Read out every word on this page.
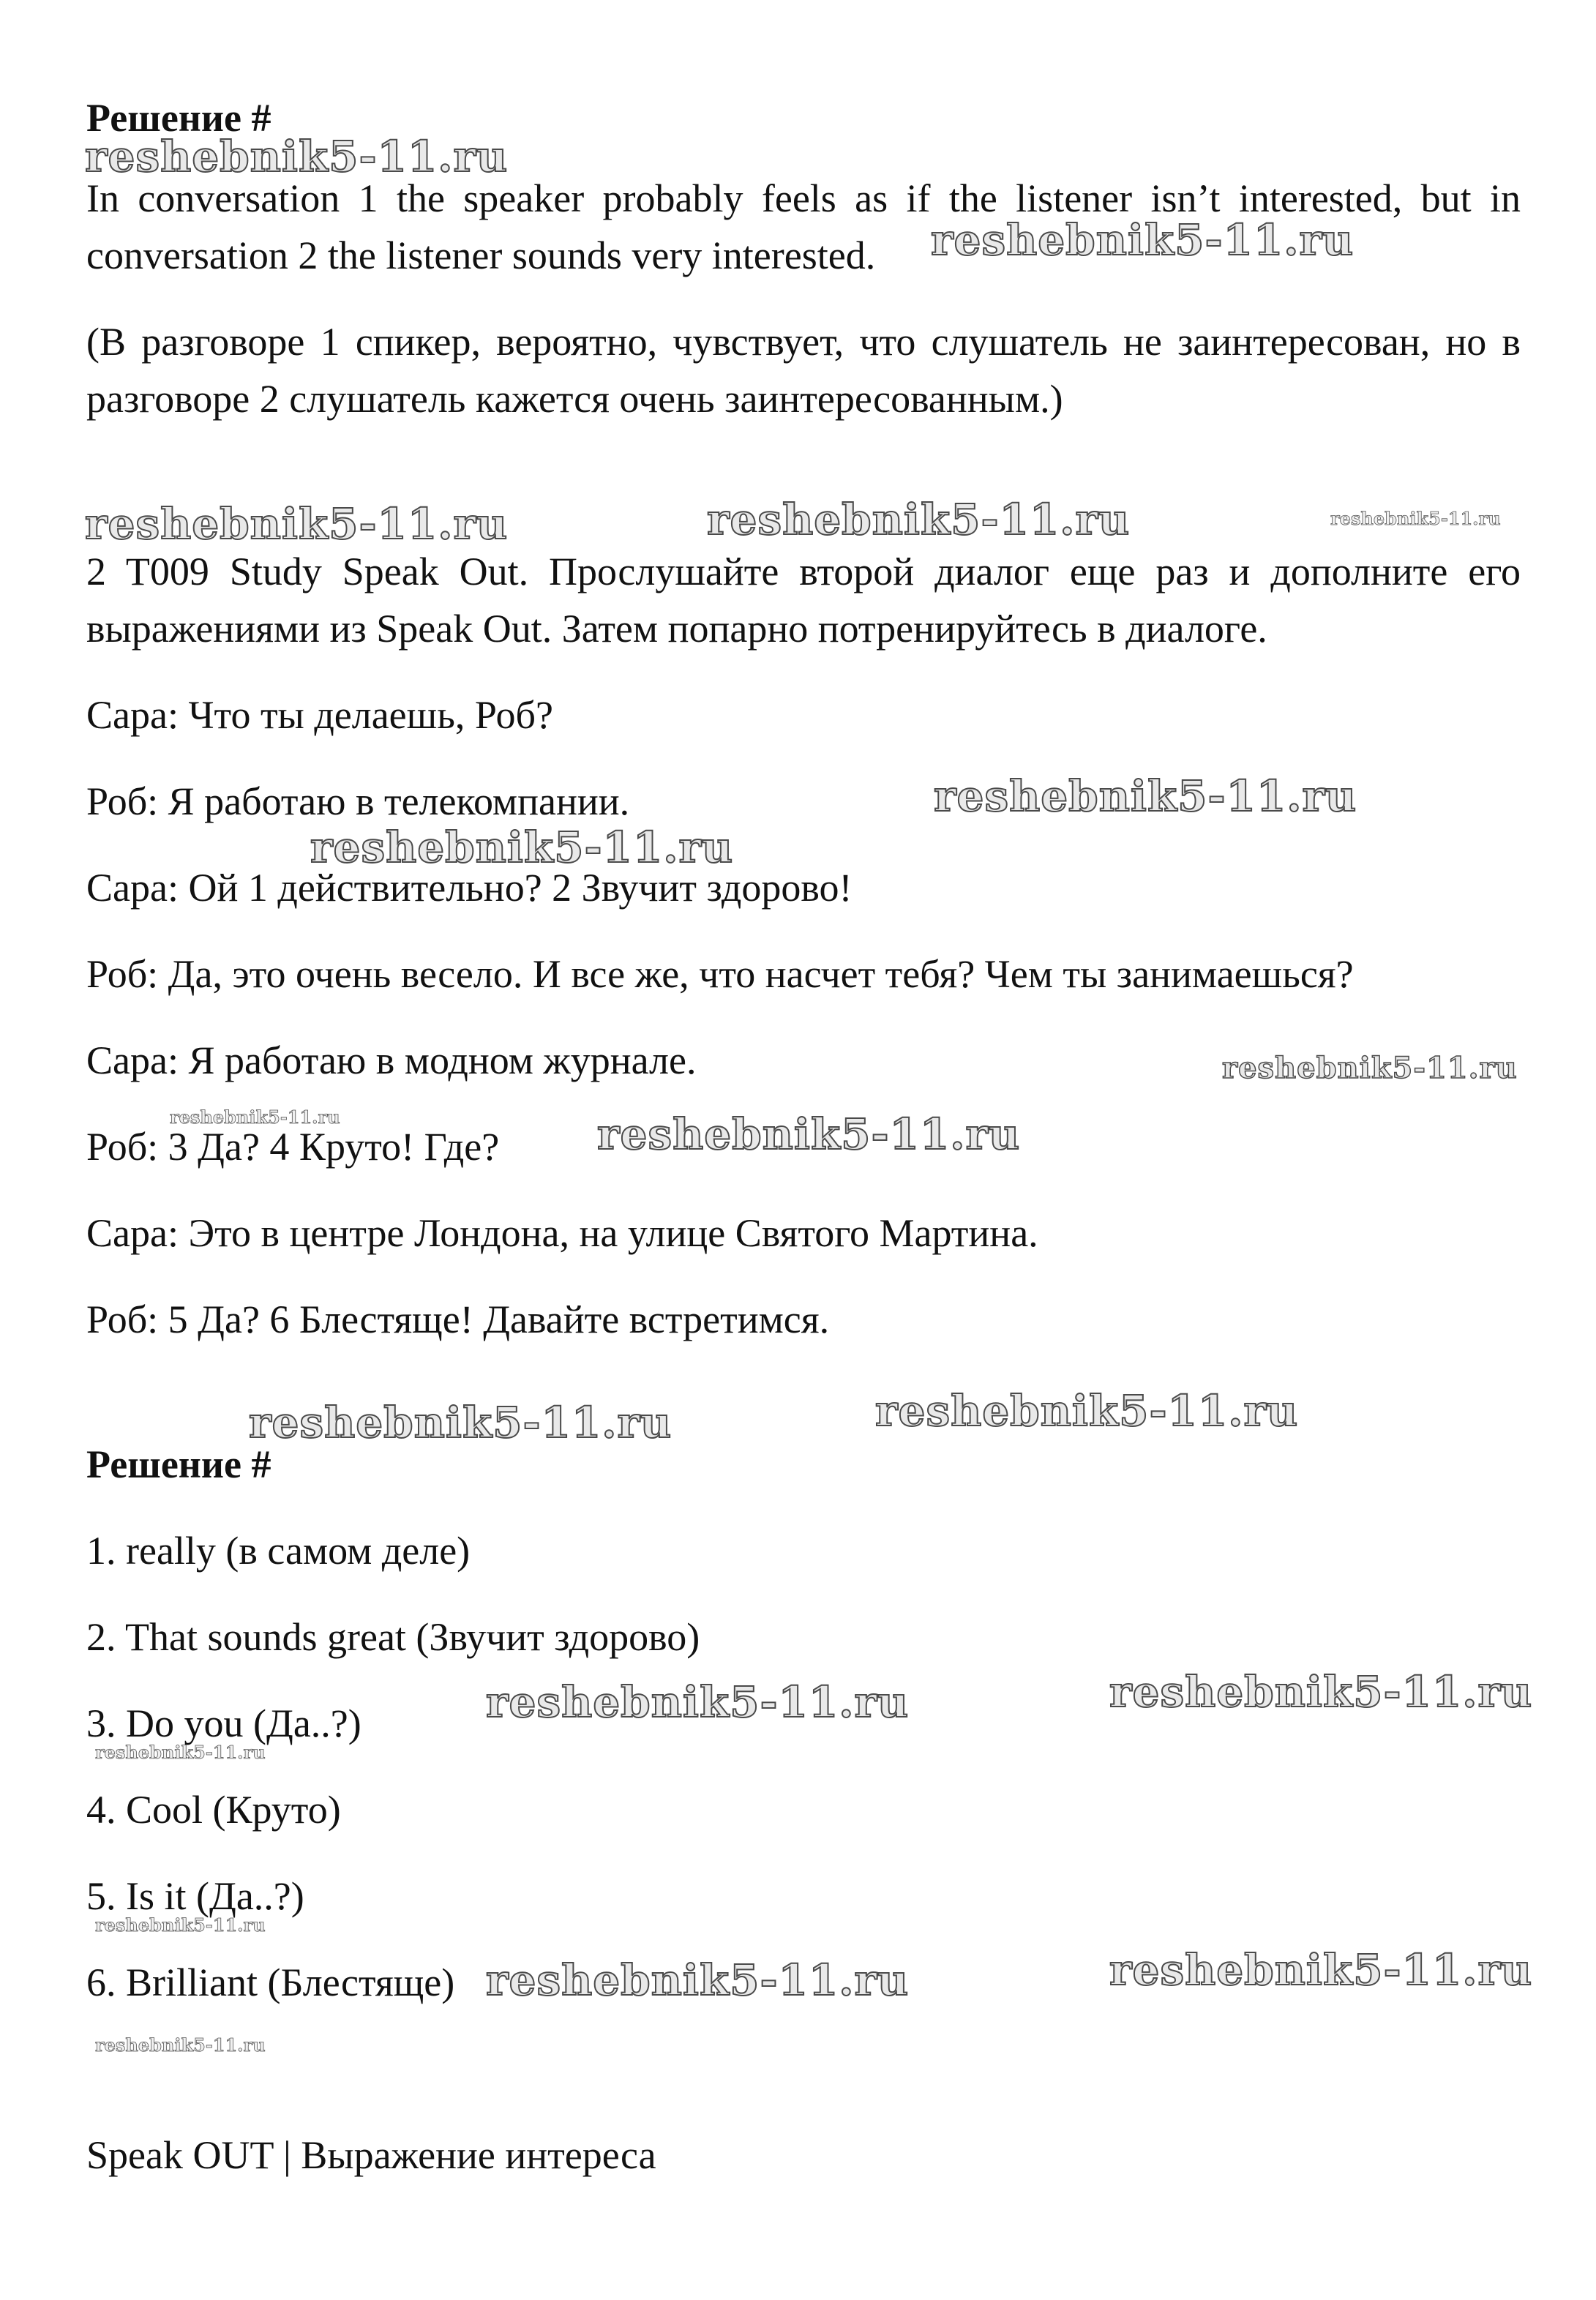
Решение #
reshebnik5-11.ru
In conversation 1 the speaker probably feels as if the listener isn’t interested, but in conversation 2 the listener sounds very interested.	reshebnik5-11.ru
(В разговоре 1 спикер, вероятно, чувствует, что слушатель не заинтересован, но в разговоре 2 слушатель кажется очень заинтересованным.)
reshebnik5-11.ru	reshebnik5-11.ru	reshebnik5-11.ru
2 T009 Study Speak Out. Прослушайте второй диалог еще раз и дополните его выражениями из Speak Out. Затем попарно потренируйтесь в диалоге.
Сара: Что ты делаешь, Роб?
Роб: Я работаю в телекомпании.	reshebnik5-11.ru
reshebnik5-11.ru
Сара: Ой 1 действительно? 2 Звучит здорово!
Роб: Да, это очень весело. И все же, что насчет тебя? Чем ты занимаешься?
Сара: Я работаю в модном журнале.	reshebnik5-11.ru
reshebnik5-11.ru
Роб: 3 Да? 4 Круто! Где? reshebnik5-11.ru
Сара: Это в центре Лондона, на улице Святого Мартина.
Роб: 5 Да? 6 Блестяще! Давайте встретимся.
reshebnik5-11.ru	reshebnik5-11.ru
Решение #
1. really (в самом деле)
2. That sounds great (Звучит здорово)
reshebnik5-11.ru	reshebnik5-11.ru
3. Do you (Да..?)
reshebnik5-11.ru
4. Cool (Круто)
5. Is it (Да..?)
reshebnik5-11.ru
6. Brilliant (Блестяще) reshebnik5-11.ru	reshebnik5-11.ru
reshebnik5-11.ru
Speak OUT | Выражение интереса
